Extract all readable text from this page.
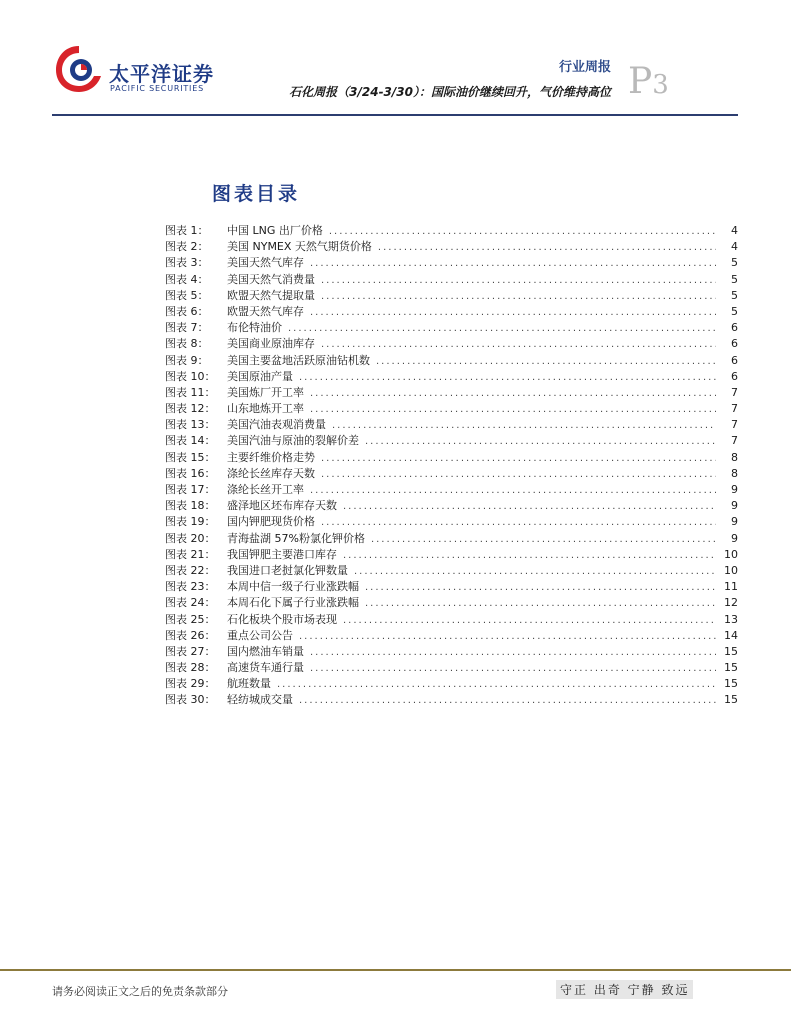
太平洋证券
PACIFIC SECURITIES
行业周报
石化周报（3/24-3/30）：国际油价继续回升，气价维持高位 P3
图表目录
图表 1：	中国 LNG 出厂价格 .....	4
图表 2：	美国 NYMEX 天然气期货价格 .....	4
图表 3：	美国天然气库存 .....	5
图表 4：	美国天然气消费量 .....	5
图表 5：	欧盟天然气提取量 .....	5
图表 6：	欧盟天然气库存 .....	5
图表 7：	布伦特油价 .....	6
图表 8：	美国商业原油库存 .....	6
图表 9：	美国主要盆地活跃原油钻机数 .....	6
图表 10：	美国原油产量 .....	6
图表 11：	美国炼厂开工率 .....	7
图表 12：	山东地炼开工率 .....	7
图表 13：	美国汽油表观消费量 .....	7
图表 14：	美国汽油与原油的裂解价差 .....	7
图表 15：	主要纤维价格走势 .....	8
图表 16：	涤纶长丝库存天数 .....	8
图表 17：	涤纶长丝开工率 .....	9
图表 18：	盛泽地区坯布库存天数 .....	9
图表 19：	国内钾肥现货价格 .....	9
图表 20：	青海盐湖 57%粉氯化钾价格 .....	9
图表 21：	我国钾肥主要港口库存 .....	10
图表 22：	我国进口老挝氯化钾数量 .....	10
图表 23：	本周中信一级子行业涨跌幅 .....	11
图表 24：	本周石化下属子行业涨跌幅 .....	12
图表 25：	石化板块个股市场表现 .....	13
图表 26：	重点公司公告 .....	14
图表 27：	国内燃油车销量 .....	15
图表 28：	高速货车通行量 .....	15
图表 29：	航班数量 .....	15
图表 30：	轻纺城成交量 .....	15
请务必阅读正文之后的免责条款部分	守正 出奇 宁静 致远
